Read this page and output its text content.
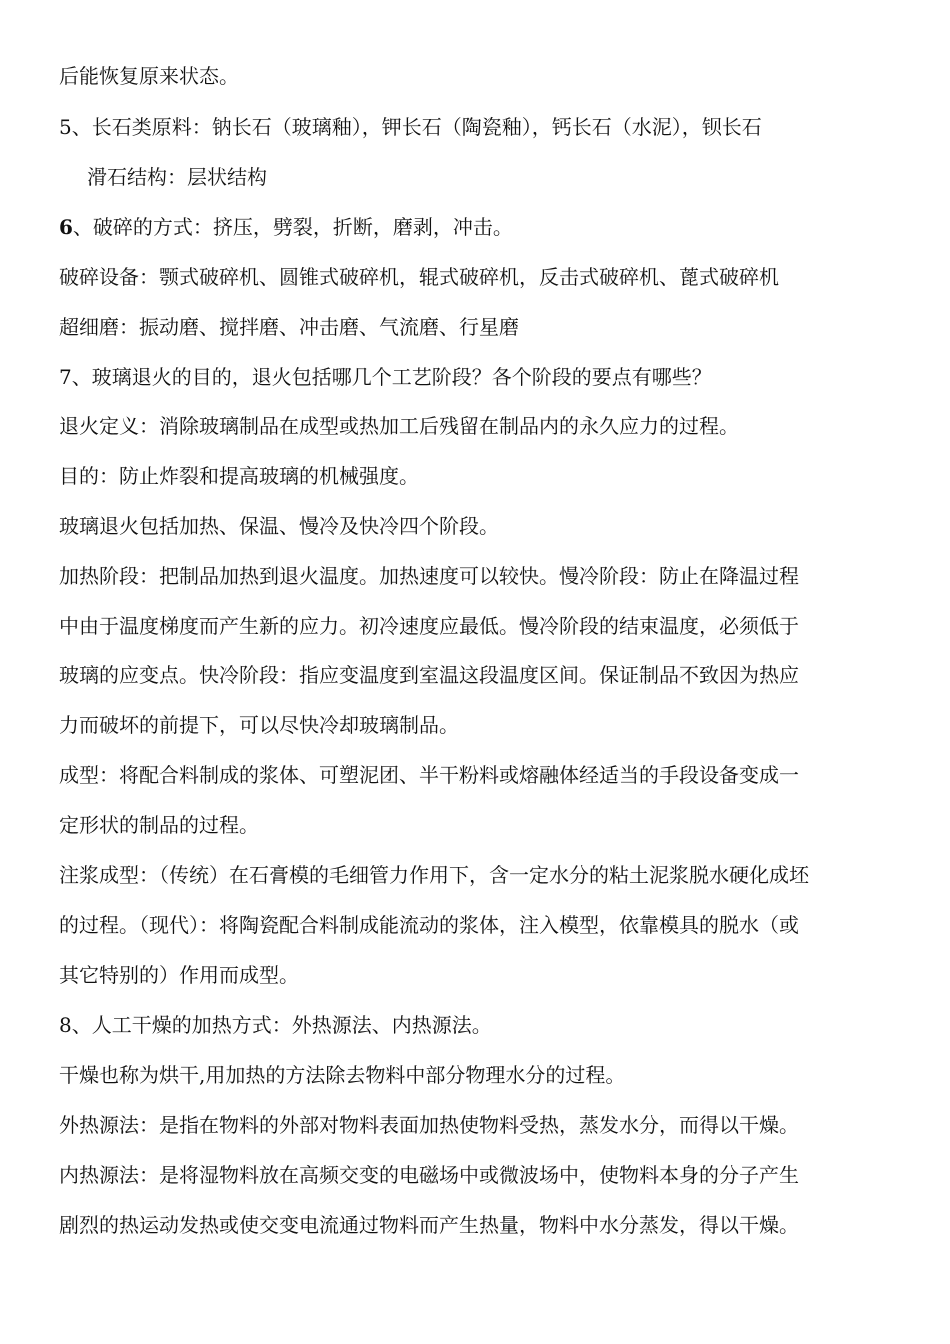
后能恢复原来状态。

5、长石类原料：钠长石（玻璃釉），钾长石（陶瓷釉），钙长石（水泥），钡长石

滑石结构：层状结构

6、破碎的方式：挤压，劈裂，折断，磨剥，冲击。

破碎设备：颚式破碎机、圆锥式破碎机，辊式破碎机，反击式破碎机、蓖式破碎机

超细磨：振动磨、搅拌磨、冲击磨、气流磨、行星磨

7、玻璃退火的目的，退火包括哪几个工艺阶段？各个阶段的要点有哪些？

退火定义：消除玻璃制品在成型或热加工后残留在制品内的永久应力的过程。

目的：防止炸裂和提高玻璃的机械强度。

玻璃退火包括加热、保温、慢冷及快冷四个阶段。

加热阶段：把制品加热到退火温度。加热速度可以较快。慢冷阶段：防止在降温过程

中由于温度梯度而产生新的应力。初冷速度应最低。慢冷阶段的结束温度，必须低于

玻璃的应变点。快冷阶段：指应变温度到室温这段温度区间。保证制品不致因为热应

力而破坏的前提下，可以尽快冷却玻璃制品。

成型：将配合料制成的浆体、可塑泥团、半干粉料或熔融体经适当的手段设备变成一

定形状的制品的过程。

注浆成型：（传统）在石膏模的毛细管力作用下，含一定水分的粘土泥浆脱水硬化成坯

的过程。（现代）：将陶瓷配合料制成能流动的浆体，注入模型，依靠模具的脱水（或

其它特别的）作用而成型。

8、人工干燥的加热方式：外热源法、内热源法。

干燥也称为烘干,用加热的方法除去物料中部分物理水分的过程。

外热源法：是指在物料的外部对物料表面加热使物料受热，蒸发水分，而得以干燥。

内热源法：是将湿物料放在高频交变的电磁场中或微波场中，使物料本身的分子产生

剧烈的热运动发热或使交变电流通过物料而产生热量，物料中水分蒸发，得以干燥。
